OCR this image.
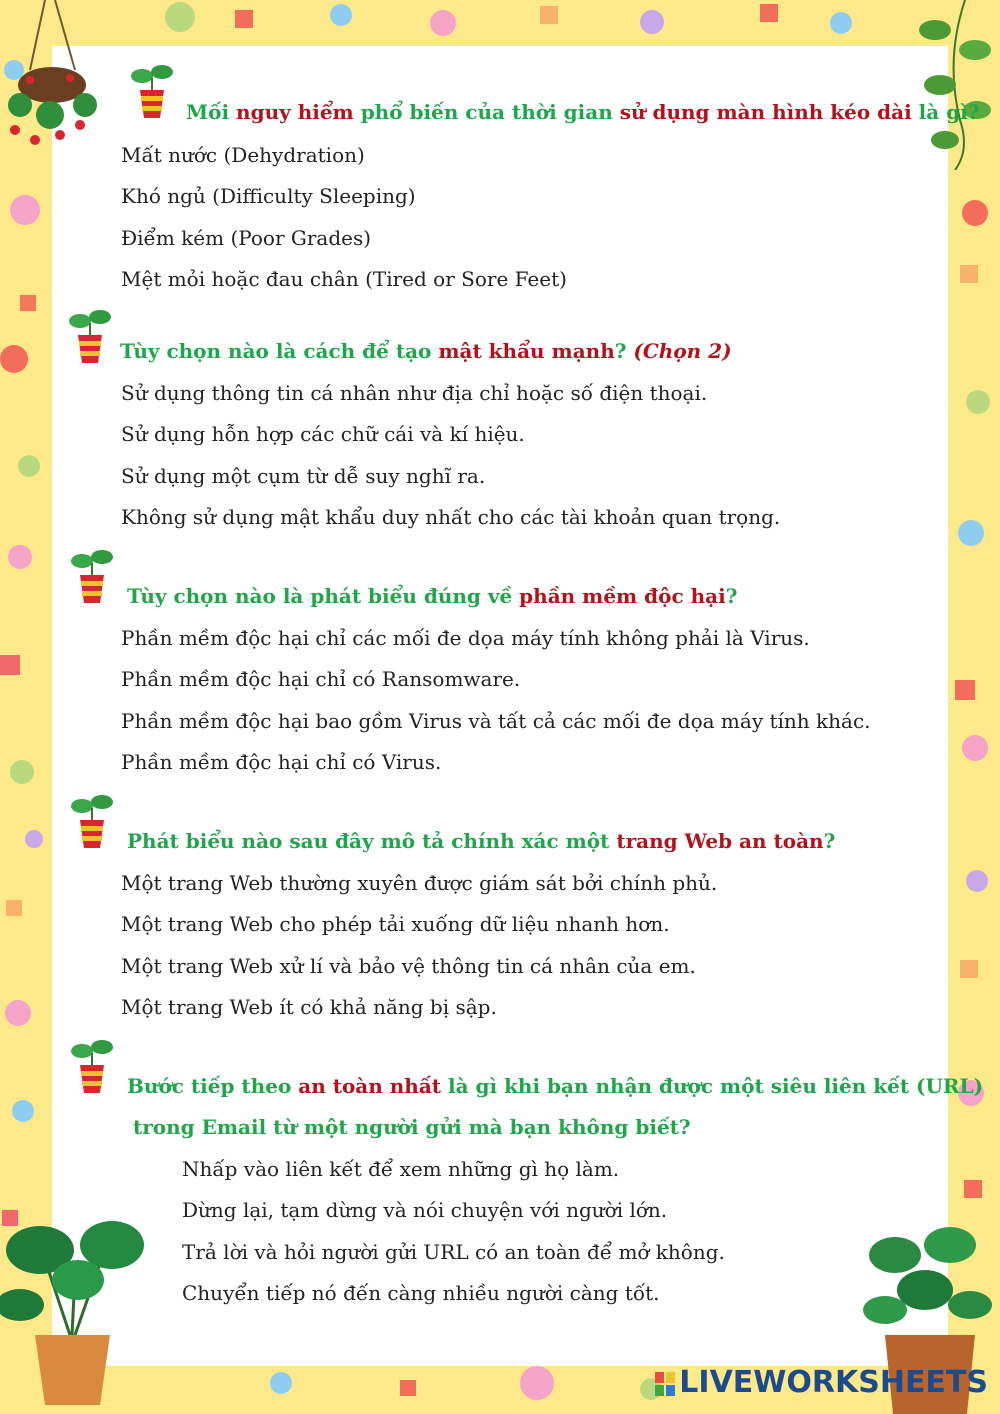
Mối nguy hiểm phổ biến của thời gian sử dụng màn hình kéo dài là gì?
Mất nước (Dehydration)
Khó ngủ (Difficulty Sleeping)
Điểm kém (Poor Grades)
Mệt mỏi hoặc đau chân (Tired or Sore Feet)
Tùy chọn nào là cách để tạo mật khẩu mạnh? (Chọn 2)
Sử dụng thông tin cá nhân như địa chỉ hoặc số điện thoại.
Sử dụng hỗn hợp các chữ cái và kí hiệu.
Sử dụng một cụm từ dễ suy nghĩ ra.
Không sử dụng mật khẩu duy nhất cho các tài khoản quan trọng.
Tùy chọn nào là phát biểu đúng về phần mềm độc hại?
Phần mềm độc hại chỉ các mối đe dọa máy tính không phải là Virus.
Phần mềm độc hại chỉ có Ransomware.
Phần mềm độc hại bao gồm Virus và tất cả các mối đe dọa máy tính khác.
Phần mềm độc hại chỉ có Virus.
Phát biểu nào sau đây mô tả chính xác một trang Web an toàn?
Một trang Web thường xuyên được giám sát bởi chính phủ.
Một trang Web cho phép tải xuống dữ liệu nhanh hơn.
Một trang Web xử lí và bảo vệ thông tin cá nhân của em.
Một trang Web ít có khả năng bị sập.
Bước tiếp theo an toàn nhất là gì khi bạn nhận được một siêu liên kết (URL)
trong Email từ một người gửi mà bạn không biết?
Nhấp vào liên kết để xem những gì họ làm.
Dừng lại, tạm dừng và nói chuyện với người lớn.
Trả lời và hỏi người gửi URL có an toàn để mở không.
Chuyển tiếp nó đến càng nhiều người càng tốt.
LIVEWORKSHEETS
